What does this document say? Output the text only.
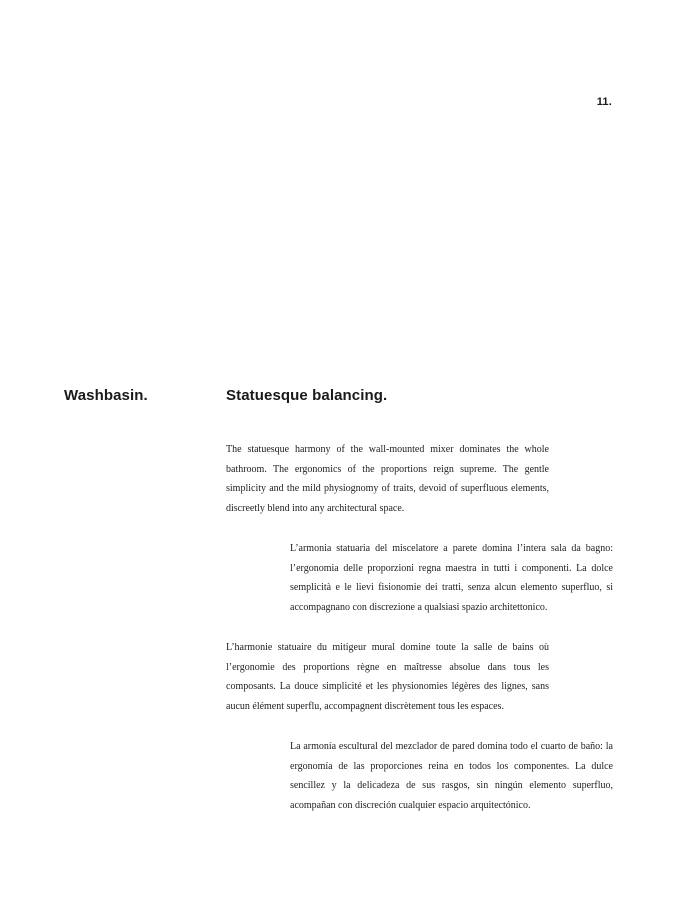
11.
Washbasin.	Statuesque balancing.

The statuesque harmony of the wall-mounted mixer dominates the whole bathroom. The ergonomics of the proportions reign supreme. The gentle simplicity and the mild physiognomy of traits, devoid of superfluous elements, discreetly blend into any architectural space.

L’armonia statuaria del miscelatore a parete domina l’intera sala da bagno: l’ergonomia delle proporzioni regna maestra in tutti i componenti. La dolce semplicità e le lievi fisionomie dei tratti, senza alcun elemento superfluo, si accompagnano con discrezione a qualsiasi spazio architettonico.

L’harmonie statuaire du mitigeur mural domine toute la salle de bains où l’ergonomie des proportions règne en maîtresse absolue dans tous les composants. La douce simplicité et les physionomies légères des lignes, sans aucun élément superflu, accompagnent discrètement tous les espaces.

La armonía escultural del mezclador de pared domina todo el cuarto de baño: la ergonomía de las proporciones reina en todos los componentes. La dulce sencillez y la delicadeza de sus rasgos, sin ningún elemento superfluo, acompañan con discreción cualquier espacio arquitectónico.
